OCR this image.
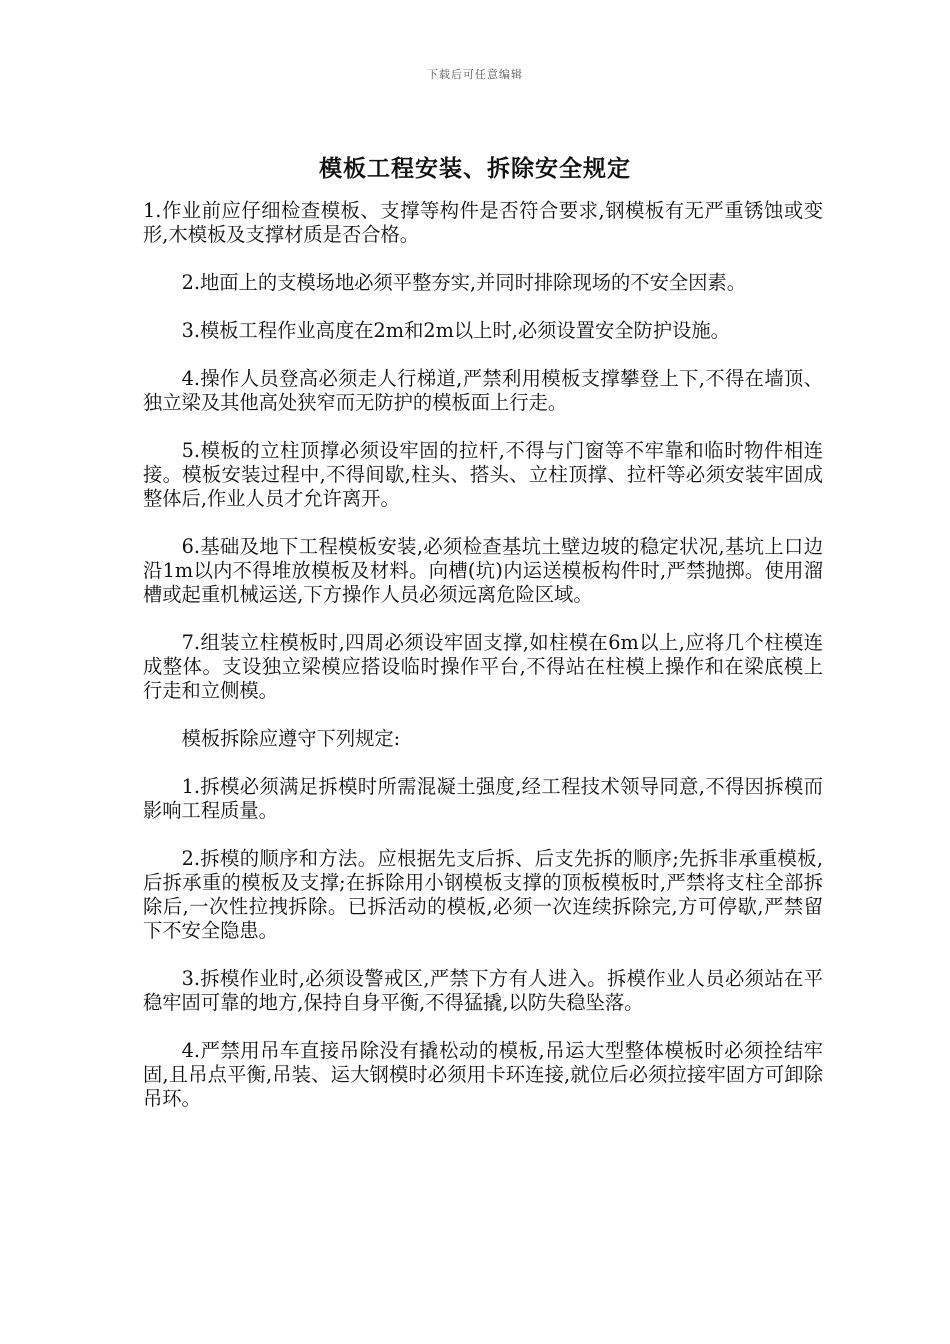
下载后可任意编辑
模板工程安装、拆除安全规定

1.作业前应仔细检查模板、支撑等构件是否符合要求,钢模板有无严重锈蚀或变形,木模板及支撑材质是否合格。

2.地面上的支模场地必须平整夯实,并同时排除现场的不安全因素。

3.模板工程作业高度在2m和2m以上时,必须设置安全防护设施。

4.操作人员登高必须走人行梯道,严禁利用模板支撑攀登上下,不得在墙顶、独立梁及其他高处狭窄而无防护的模板面上行走。

5.模板的立柱顶撑必须设牢固的拉杆,不得与门窗等不牢靠和临时物件相连接。模板安装过程中,不得间歇,柱头、搭头、立柱顶撑、拉杆等必须安装牢固成整体后,作业人员才允许离开。

6.基础及地下工程模板安装,必须检查基坑土壁边坡的稳定状况,基坑上口边沿1m以内不得堆放模板及材料。向槽(坑)内运送模板构件时,严禁抛掷。使用溜槽或起重机械运送,下方操作人员必须远离危险区域。

7.组装立柱模板时,四周必须设牢固支撑,如柱模在6m以上,应将几个柱模连成整体。支设独立梁模应搭设临时操作平台,不得站在柱模上操作和在梁底模上行走和立侧模。

模板拆除应遵守下列规定:

1.拆模必须满足拆模时所需混凝土强度,经工程技术领导同意,不得因拆模而影响工程质量。

2.拆模的顺序和方法。应根据先支后拆、后支先拆的顺序;先拆非承重模板,后拆承重的模板及支撑;在拆除用小钢模板支撑的顶板模板时,严禁将支柱全部拆除后,一次性拉拽拆除。已拆活动的模板,必须一次连续拆除完,方可停歇,严禁留下不安全隐患。

3.拆模作业时,必须设警戒区,严禁下方有人进入。拆模作业人员必须站在平稳牢固可靠的地方,保持自身平衡,不得猛撬,以防失稳坠落。

4.严禁用吊车直接吊除没有撬松动的模板,吊运大型整体模板时必须拴结牢固,且吊点平衡,吊装、运大钢模时必须用卡环连接,就位后必须拉接牢固方可卸除吊环。
